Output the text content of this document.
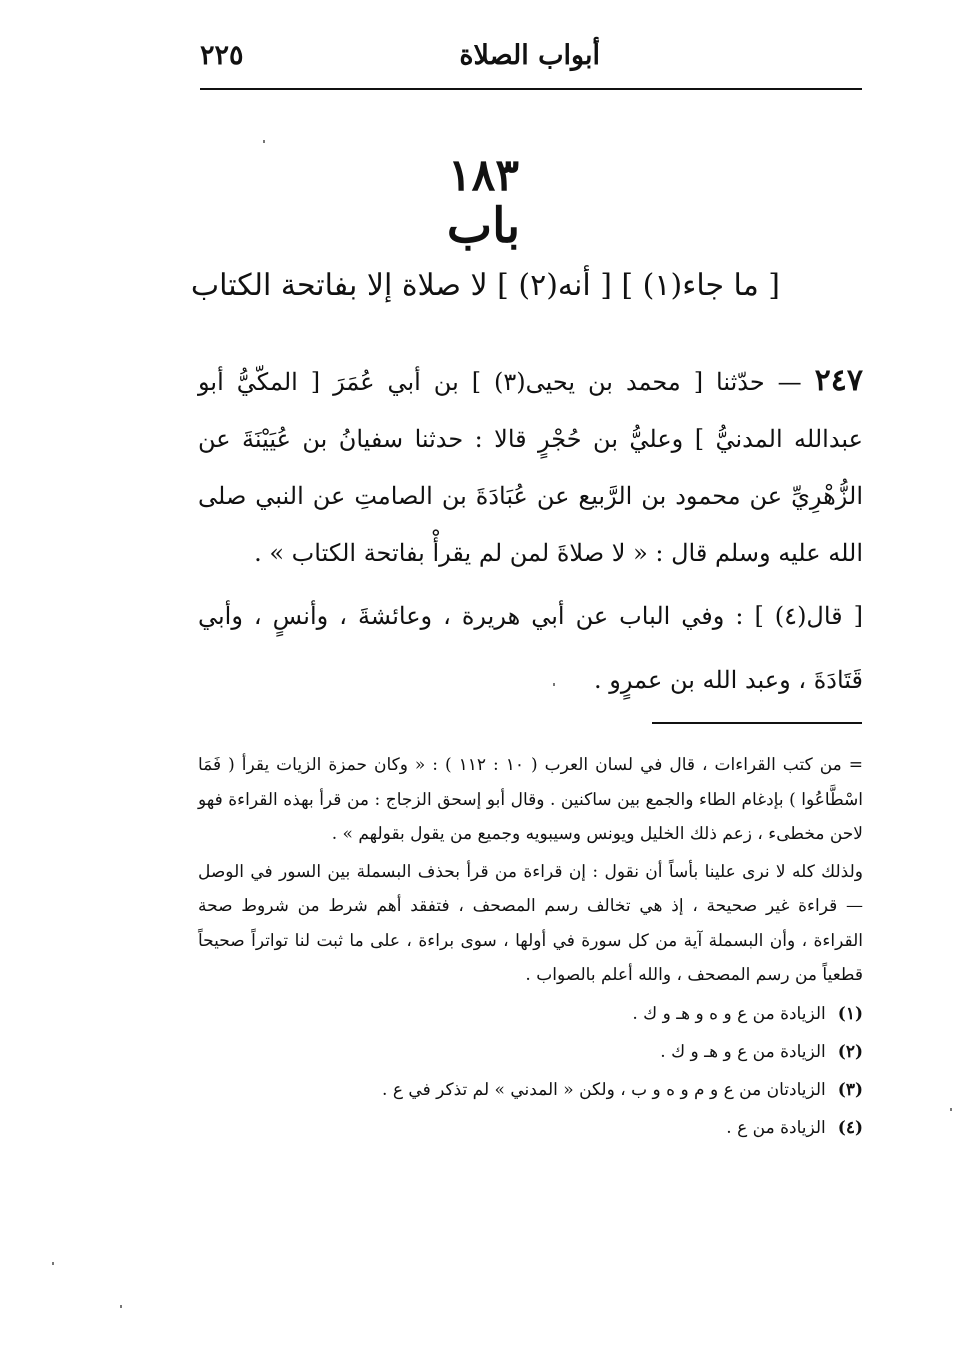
أبواب الصلاة
٢٢٥
١٨٣
باب
[ ما جاء(١) ] [ أنه(٢) ] لا صلاة إلا بفاتحة الكتاب
٢٤٧ — حدّثنا [ محمد بن يحيى(٣) ] بن أبي عُمَرَ [ المكّيُّ أبو عبدالله المدنيُّ ] وعليُّ بن حُجْرٍ قالا : حدثنا سفيانُ بن عُيَيْنَةَ عن الزُّهْرِيِّ عن محمود بن الرَّبيع عن عُبَادَةَ بن الصامتِ عن النبي صلى الله عليه وسلم قال : « لا صلاةَ لمن لم يقرأْ بفاتحة الكتاب » .
[ قال(٤) ] : وفي الباب عن أبي هريرة ، وعائشةَ ، وأنسٍ ، وأبي قَتَادَةَ ، وعبد الله بن عمرٍو .

= من كتب القراءات ، قال في لسان العرب ( ١٠ : ١١٢ ) : « وكان حمزة الزيات يقرأ ( فَمَا اسْطَّاعُوا ) بإدغام الطاء والجمع بين ساكنين . وقال أبو إسحق الزجاج : من قرأ بهذه القراءة فهو لاحن مخطىء ، زعم ذلك الخليل ويونس وسيبويه وجميع من يقول بقولهم » .

ولذلك كله لا نرى علينا بأساً أن نقول : إن قراءة من قرأ بحذف البسملة بين السور في الوصل — قراءة غير صحيحة ، إذ هي تخالف رسم المصحف ، فتفقد أهم شرط من شروط صحة القراءة ، وأن البسملة آية من كل سورة في أولها ، سوى براءة ، على ما ثبت لنا تواتراً صحيحاً قطعياً من رسم المصحف ، والله أعلم بالصواب .

(١)
الزيادة من ع و ه و هـ و ك .
(٢)
الزيادة من ع و هـ و ك .
(٣)
الزيادتان من ع و م و ه و ب ، ولكن « المدني » لم تذكر في ع .
(٤)
الزيادة من ع .
